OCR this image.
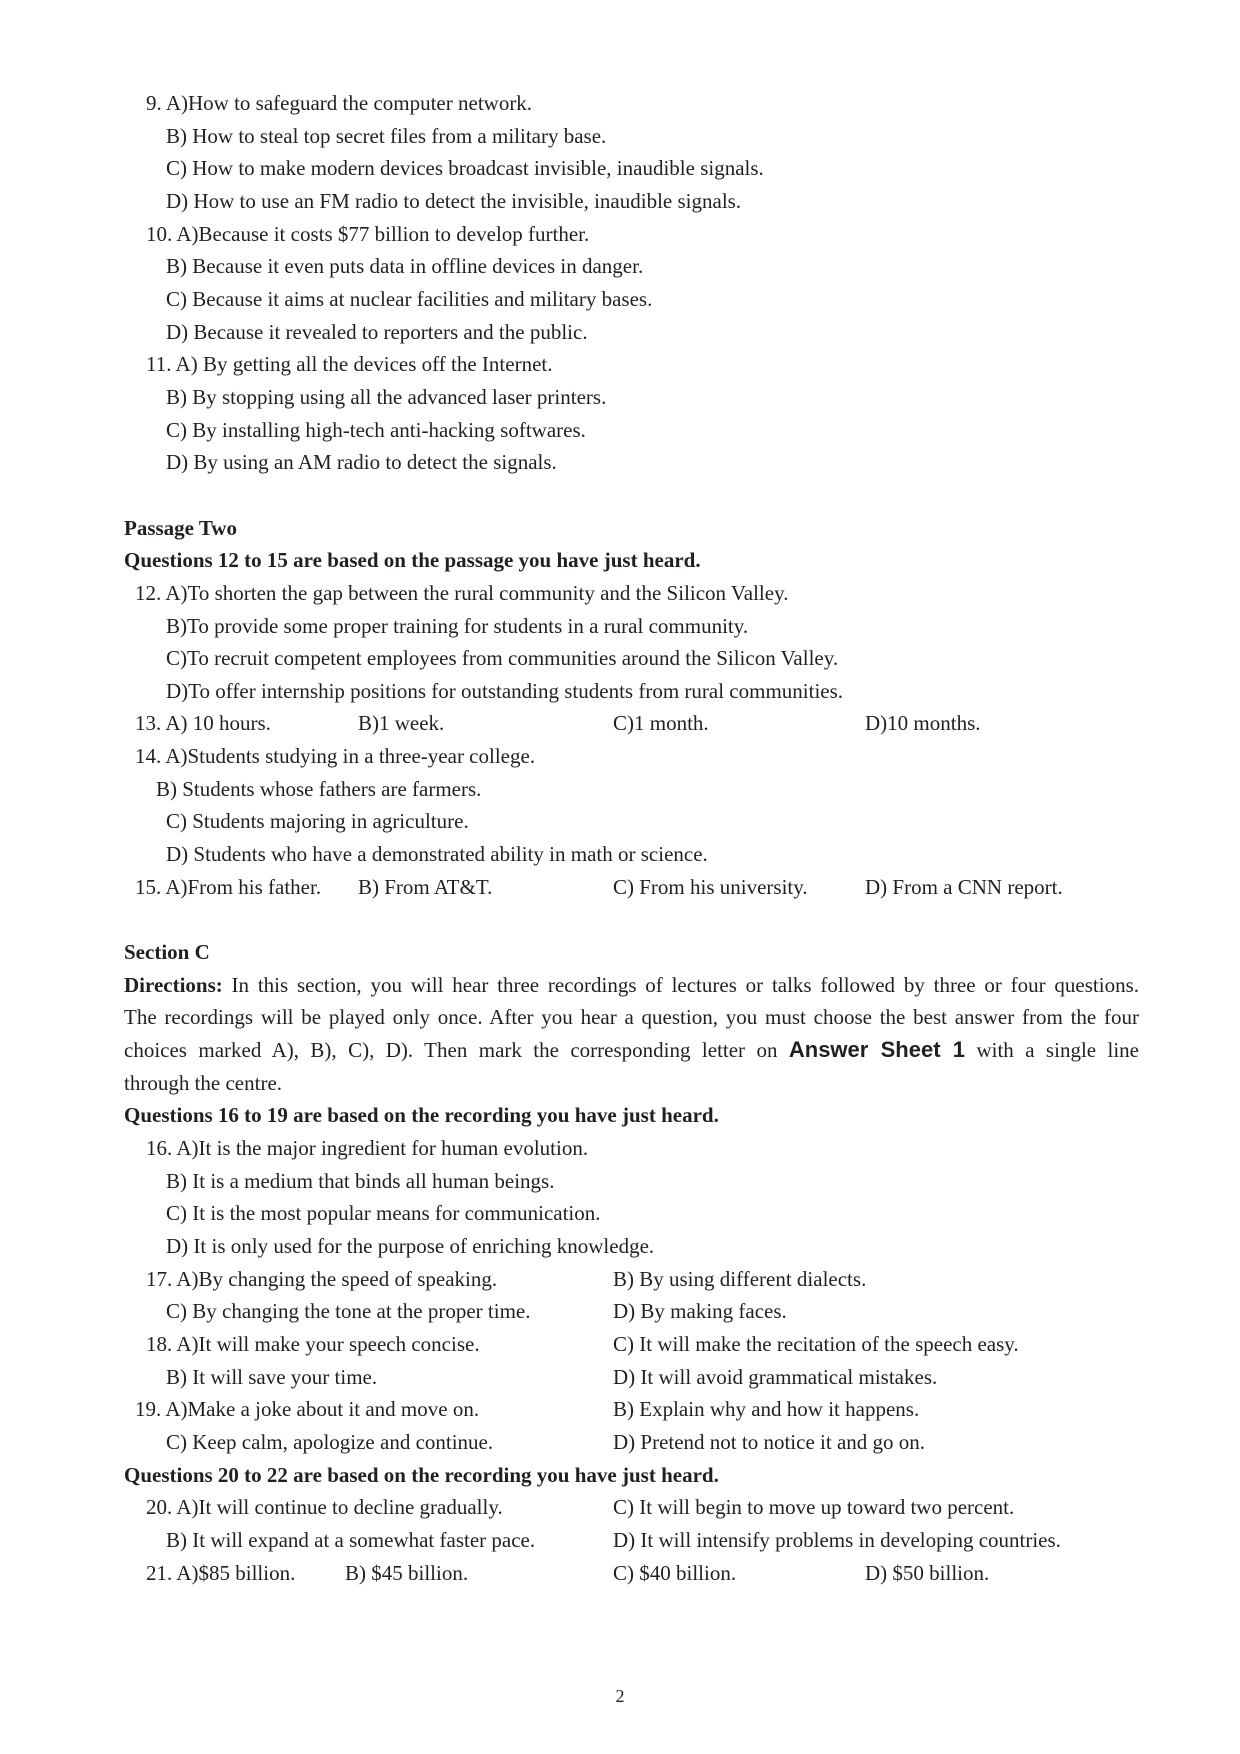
9. A)How to safeguard the computer network.
B) How to steal top secret files from a military base.
C) How to make modern devices broadcast invisible, inaudible signals.
D) How to use an FM radio to detect the invisible, inaudible signals.
10. A)Because it costs $77 billion to develop further.
B) Because it even puts data in offline devices in danger.
C) Because it aims at nuclear facilities and military bases.
D) Because it revealed to reporters and the public.
11. A) By getting all the devices off the Internet.
B) By stopping using all the advanced laser printers.
C) By installing high-tech anti-hacking softwares.
D) By using an AM radio to detect the signals.
Passage Two
Questions 12 to 15 are based on the passage you have just heard.
12. A)To shorten the gap between the rural community and the Silicon Valley.
B)To provide some proper training for students in a rural community.
C)To recruit competent employees from communities around the Silicon Valley.
D)To offer internship positions for outstanding students from rural communities.
13. A) 10 hours.	B)1 week.	C)1 month.	D)10 months.
14. A)Students studying in a three-year college.
B) Students whose fathers are farmers.
C) Students majoring in agriculture.
D) Students who have a demonstrated ability in math or science.
15. A)From his father. B) From AT&T.	C) From his university.	D) From a CNN report.
Section C
Directions: In this section, you will hear three recordings of lectures or talks followed by three or four questions.
The recordings will be played only once. After you hear a question, you must choose the best answer from the four
choices marked A), B), C), D). Then mark the corresponding letter on Answer Sheet 1 with a single line
through the centre.
Questions 16 to 19 are based on the recording you have just heard.
16. A)It is the major ingredient for human evolution.
B) It is a medium that binds all human beings.
C) It is the most popular means for communication.
D) It is only used for the purpose of enriching knowledge.
17. A)By changing the speed of speaking.	B) By using different dialects.
C) By changing the tone at the proper time.	D) By making faces.
18. A)It will make your speech concise.	C) It will make the recitation of the speech easy.
B) It will save your time.	D) It will avoid grammatical mistakes.
19. A)Make a joke about it and move on.	B) Explain why and how it happens.
C) Keep calm, apologize and continue.	D) Pretend not to notice it and go on.
Questions 20 to 22 are based on the recording you have just heard.
20. A)It will continue to decline gradually.	C) It will begin to move up toward two percent.
B) It will expand at a somewhat faster pace.	D) It will intensify problems in developing countries.
21. A)$85 billion. B) $45 billion.	C) $40 billion.	D) $50 billion.
2
